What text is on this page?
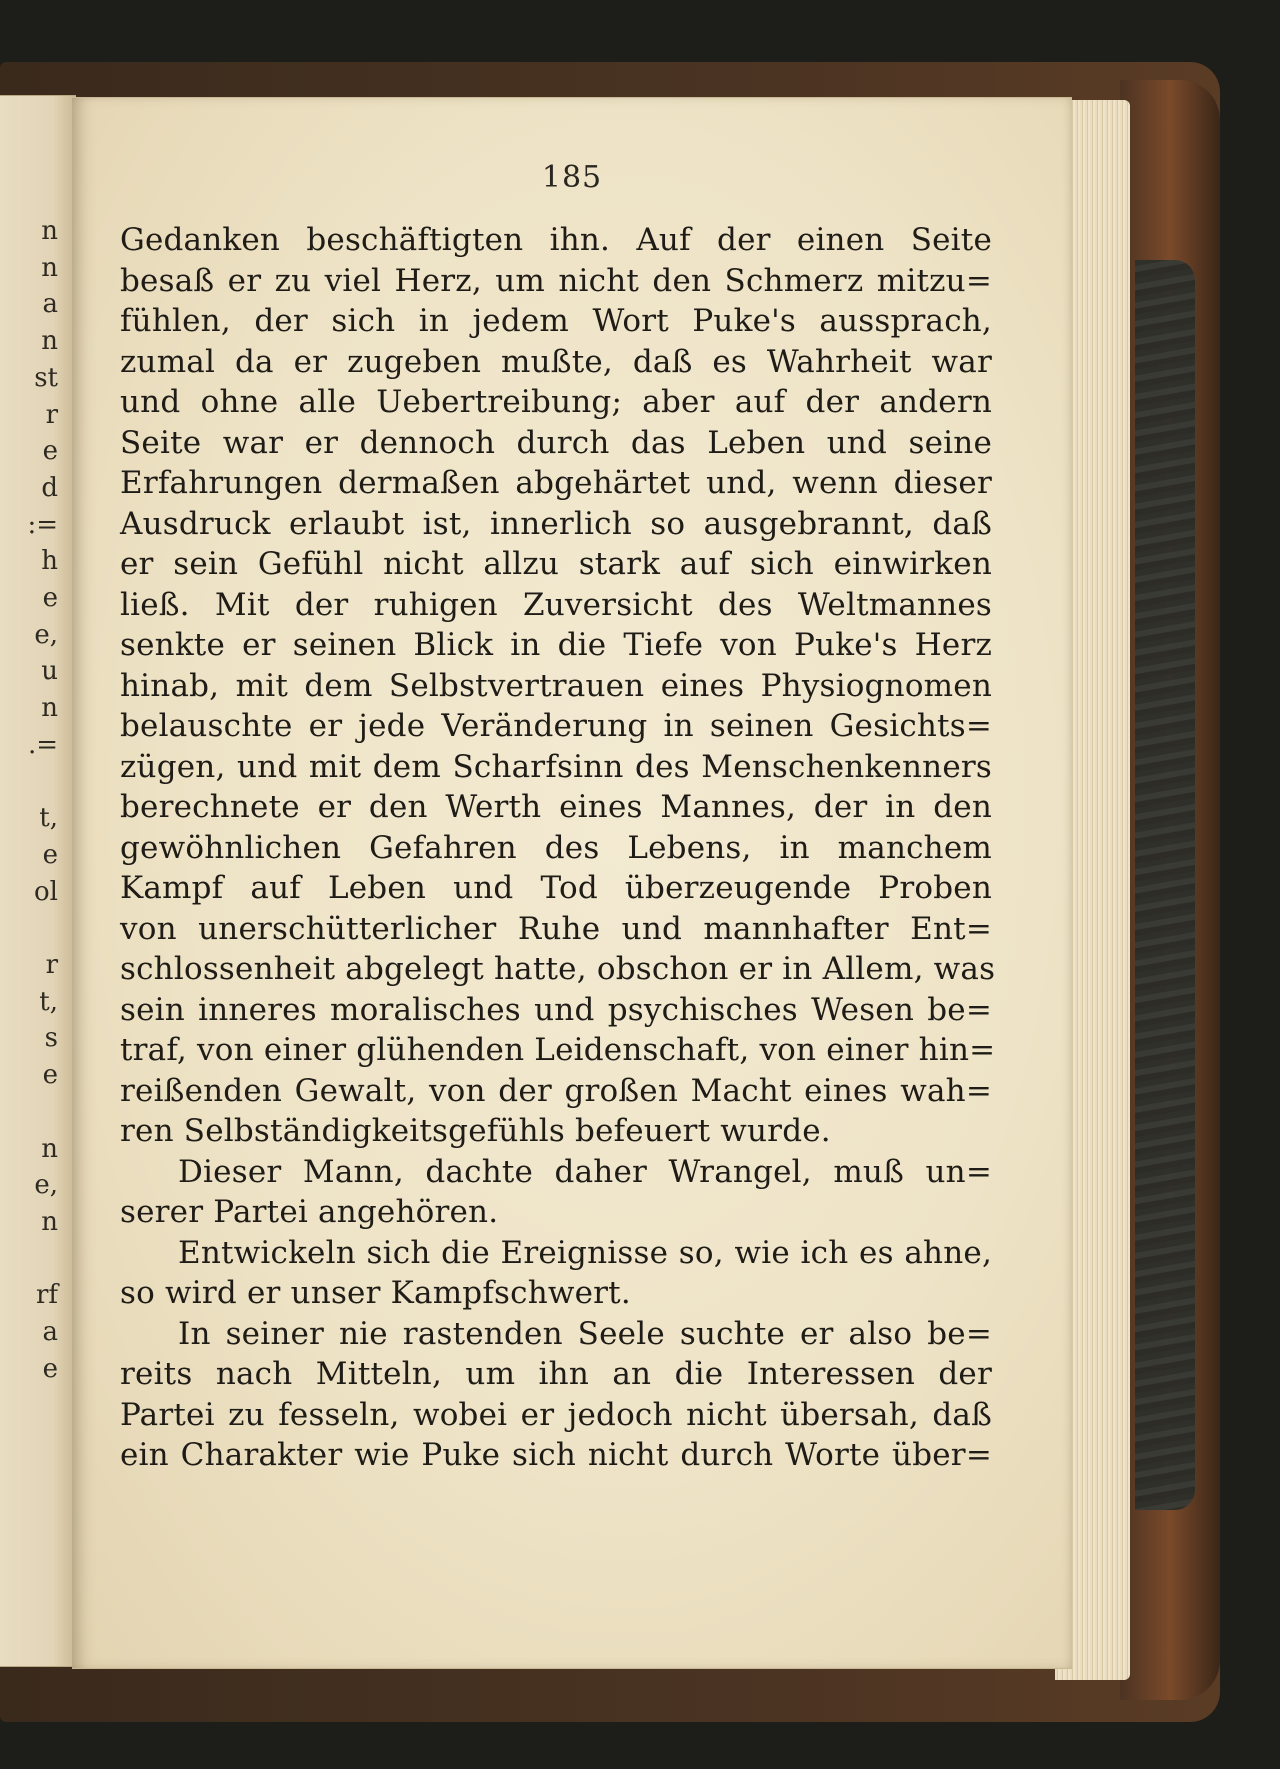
n
n
a
n
st
r
e
d
:=
h
e
e,
u
n
.=
t,
e
ol
r
t,
s
e
n
e,
n
rf
a
e
185
Gedanken beschäftigten ihn. Auf der einen Seite
besaß er zu viel Herz, um nicht den Schmerz mitzu=
fühlen, der sich in jedem Wort Puke's aussprach,
zumal da er zugeben mußte, daß es Wahrheit war
und ohne alle Uebertreibung; aber auf der andern
Seite war er dennoch durch das Leben und seine
Erfahrungen dermaßen abgehärtet und, wenn dieser
Ausdruck erlaubt ist, innerlich so ausgebrannt, daß
er sein Gefühl nicht allzu stark auf sich einwirken
ließ. Mit der ruhigen Zuversicht des Weltmannes
senkte er seinen Blick in die Tiefe von Puke's Herz
hinab, mit dem Selbstvertrauen eines Physiognomen
belauschte er jede Veränderung in seinen Gesichts=
zügen, und mit dem Scharfsinn des Menschenkenners
berechnete er den Werth eines Mannes, der in den
gewöhnlichen Gefahren des Lebens, in manchem
Kampf auf Leben und Tod überzeugende Proben
von unerschütterlicher Ruhe und mannhafter Ent=
schlossenheit abgelegt hatte, obschon er in Allem, was
sein inneres moralisches und psychisches Wesen be=
traf, von einer glühenden Leidenschaft, von einer hin=
reißenden Gewalt, von der großen Macht eines wah=
ren Selbständigkeitsgefühls befeuert wurde.
Dieser Mann, dachte daher Wrangel, muß un=
serer Partei angehören.
Entwickeln sich die Ereignisse so, wie ich es ahne,
so wird er unser Kampfschwert.
In seiner nie rastenden Seele suchte er also be=
reits nach Mitteln, um ihn an die Interessen der
Partei zu fesseln, wobei er jedoch nicht übersah, daß
ein Charakter wie Puke sich nicht durch Worte über=
